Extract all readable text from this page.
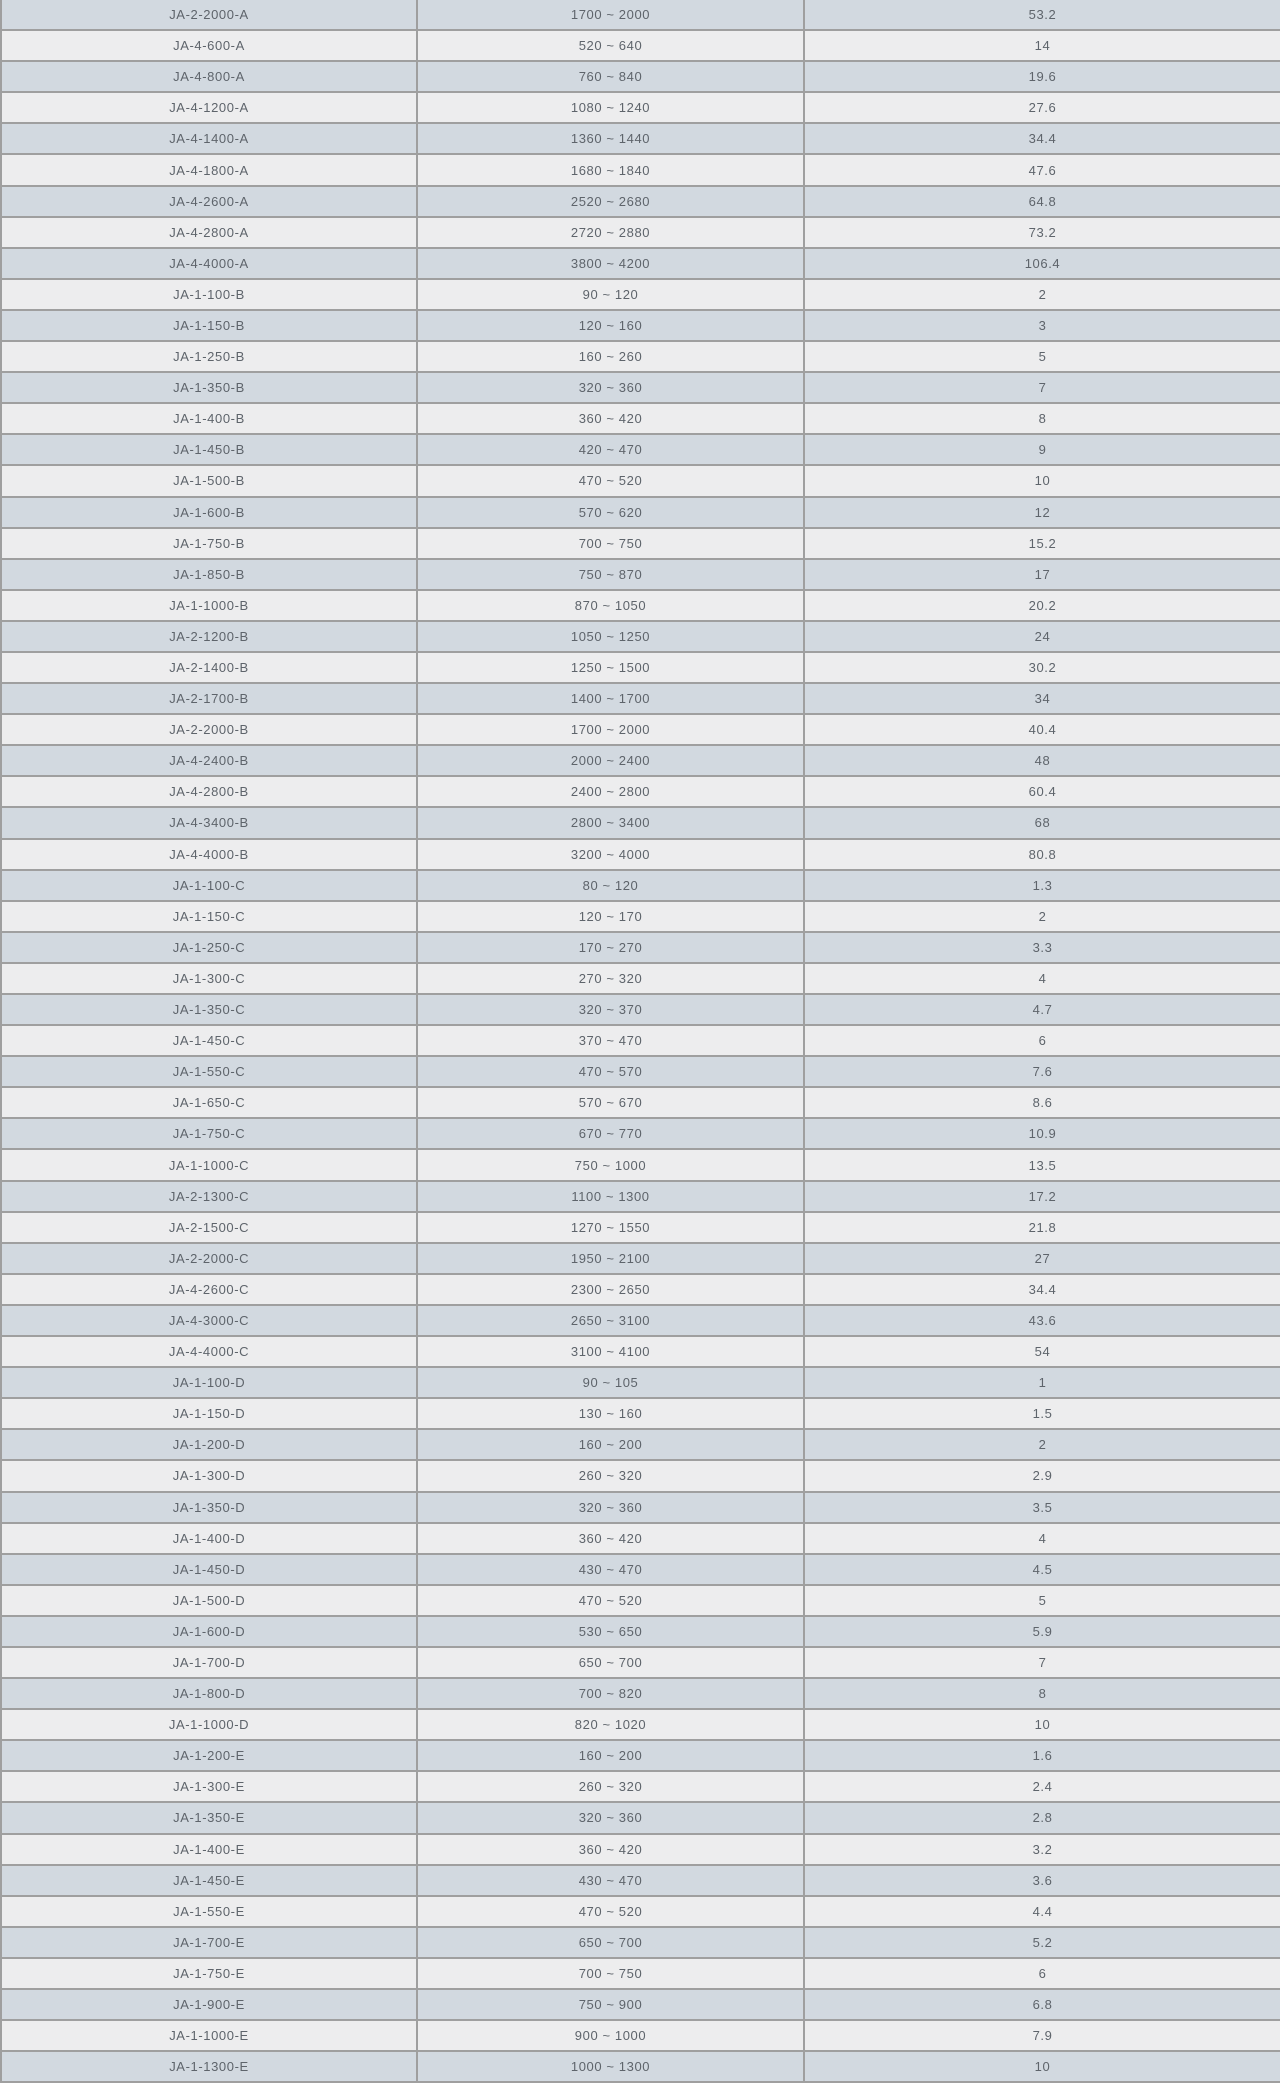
JA-2-2000-A	1700 ~ 2000	53.2
JA-4-600-A	520 ~ 640	14
JA-4-800-A	760 ~ 840	19.6
JA-4-1200-A	1080 ~ 1240	27.6
JA-4-1400-A	1360 ~ 1440	34.4
JA-4-1800-A	1680 ~ 1840	47.6
JA-4-2600-A	2520 ~ 2680	64.8
JA-4-2800-A	2720 ~ 2880	73.2
JA-4-4000-A	3800 ~ 4200	106.4
JA-1-100-B	90 ~ 120	2
JA-1-150-B	120 ~ 160	3
JA-1-250-B	160 ~ 260	5
JA-1-350-B	320 ~ 360	7
JA-1-400-B	360 ~ 420	8
JA-1-450-B	420 ~ 470	9
JA-1-500-B	470 ~ 520	10
JA-1-600-B	570 ~ 620	12
JA-1-750-B	700 ~ 750	15.2
JA-1-850-B	750 ~ 870	17
JA-1-1000-B	870 ~ 1050	20.2
JA-2-1200-B	1050 ~ 1250	24
JA-2-1400-B	1250 ~ 1500	30.2
JA-2-1700-B	1400 ~ 1700	34
JA-2-2000-B	1700 ~ 2000	40.4
JA-4-2400-B	2000 ~ 2400	48
JA-4-2800-B	2400 ~ 2800	60.4
JA-4-3400-B	2800 ~ 3400	68
JA-4-4000-B	3200 ~ 4000	80.8
JA-1-100-C	80 ~ 120	1.3
JA-1-150-C	120 ~ 170	2
JA-1-250-C	170 ~ 270	3.3
JA-1-300-C	270 ~ 320	4
JA-1-350-C	320 ~ 370	4.7
JA-1-450-C	370 ~ 470	6
JA-1-550-C	470 ~ 570	7.6
JA-1-650-C	570 ~ 670	8.6
JA-1-750-C	670 ~ 770	10.9
JA-1-1000-C	750 ~ 1000	13.5
JA-2-1300-C	1100 ~ 1300	17.2
JA-2-1500-C	1270 ~ 1550	21.8
JA-2-2000-C	1950 ~ 2100	27
JA-4-2600-C	2300 ~ 2650	34.4
JA-4-3000-C	2650 ~ 3100	43.6
JA-4-4000-C	3100 ~ 4100	54
JA-1-100-D	90 ~ 105	1
JA-1-150-D	130 ~ 160	1.5
JA-1-200-D	160 ~ 200	2
JA-1-300-D	260 ~ 320	2.9
JA-1-350-D	320 ~ 360	3.5
JA-1-400-D	360 ~ 420	4
JA-1-450-D	430 ~ 470	4.5
JA-1-500-D	470 ~ 520	5
JA-1-600-D	530 ~ 650	5.9
JA-1-700-D	650 ~ 700	7
JA-1-800-D	700 ~ 820	8
JA-1-1000-D	820 ~ 1020	10
JA-1-200-E	160 ~ 200	1.6
JA-1-300-E	260 ~ 320	2.4
JA-1-350-E	320 ~ 360	2.8
JA-1-400-E	360 ~ 420	3.2
JA-1-450-E	430 ~ 470	3.6
JA-1-550-E	470 ~ 520	4.4
JA-1-700-E	650 ~ 700	5.2
JA-1-750-E	700 ~ 750	6
JA-1-900-E	750 ~ 900	6.8
JA-1-1000-E	900 ~ 1000	7.9
JA-1-1300-E	1000 ~ 1300	10
